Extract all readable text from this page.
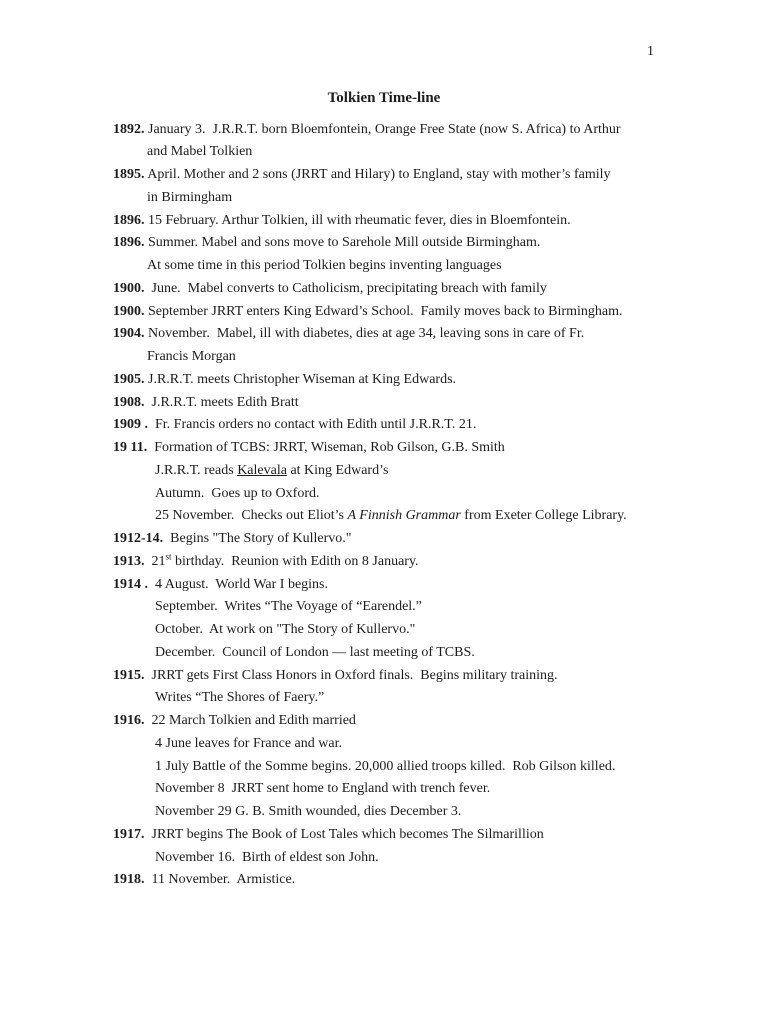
1
Tolkien Time-line
1892. January 3.  J.R.R.T. born Bloemfontein, Orange Free State (now S. Africa) to Arthur
and Mabel Tolkien
1895. April. Mother and 2 sons (JRRT and Hilary) to England, stay with mother’s family
in Birmingham
1896. 15 February. Arthur Tolkien, ill with rheumatic fever, dies in Bloemfontein.
1896. Summer. Mabel and sons move to Sarehole Mill outside Birmingham.
At some time in this period Tolkien begins inventing languages
1900.  June.  Mabel converts to Catholicism, precipitating breach with family
1900. September JRRT enters King Edward’s School.  Family moves back to Birmingham.
1904. November.  Mabel, ill with diabetes, dies at age 34, leaving sons in care of Fr.
Francis Morgan
1905. J.R.R.T. meets Christopher Wiseman at King Edwards.
1908.  J.R.R.T. meets Edith Bratt
1909 .  Fr. Francis orders no contact with Edith until J.R.R.T. 21.
19 11.  Formation of TCBS: JRRT, Wiseman, Rob Gilson, G.B. Smith
J.R.R.T. reads Kalevala at King Edward’s
Autumn.  Goes up to Oxford.
25 November.  Checks out Eliot’s A Finnish Grammar from Exeter College Library.
1912-14.  Begins "The Story of Kullervo."
1913.  21st birthday.  Reunion with Edith on 8 January.
1914 .  4 August.  World War I begins.
September.  Writes “The Voyage of “Earendel.”
October.  At work on "The Story of Kullervo."
December.  Council of London — last meeting of TCBS.
1915.  JRRT gets First Class Honors in Oxford finals.  Begins military training.
Writes “The Shores of Faery.”
1916.  22 March Tolkien and Edith married
4 June leaves for France and war.
1 July Battle of the Somme begins. 20,000 allied troops killed.  Rob Gilson killed.
November 8  JRRT sent home to England with trench fever.
November 29 G. B. Smith wounded, dies December 3.
1917.  JRRT begins The Book of Lost Tales which becomes The Silmarillion
November 16.  Birth of eldest son John.
1918.  11 November.  Armistice.
